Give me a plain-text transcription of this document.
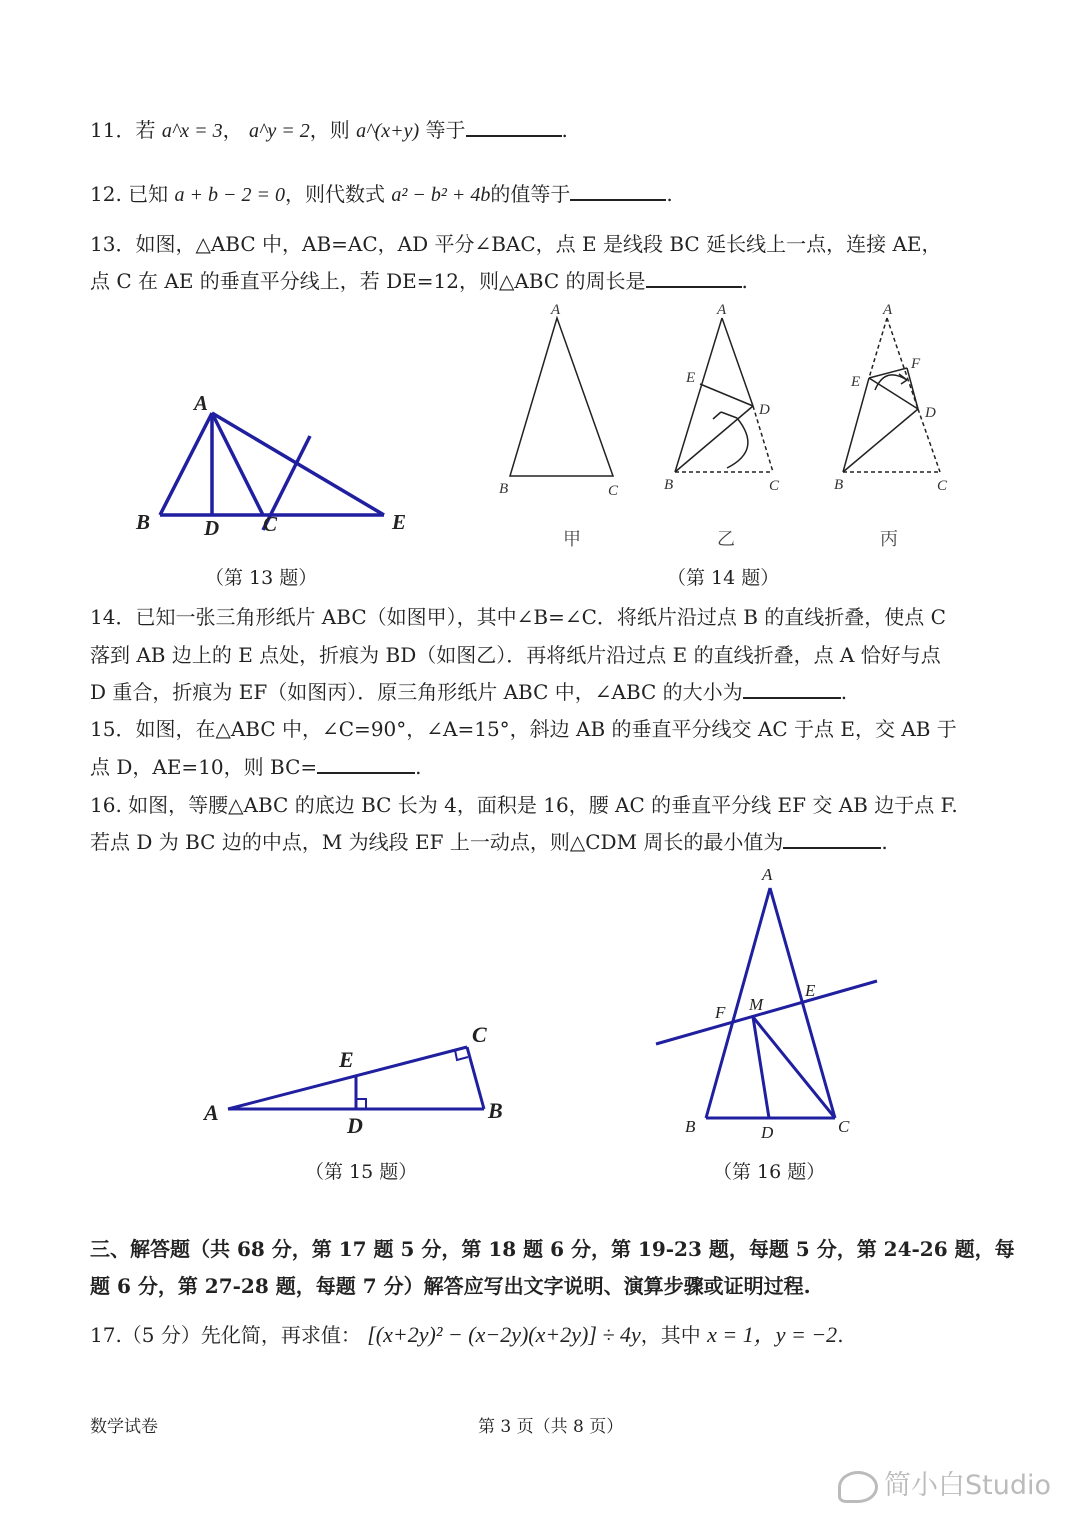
11．若 a^x = 3， a^y = 2，则 a^(x+y) 等于	.
12. 已知 a + b − 2 = 0，则代数式 a² − b² + 4b的值等于	.
13．如图，△ABC 中，AB=AC，AD 平分∠BAC，点 E 是线段 BC 延长线上一点，连接 AE，
点 C 在 AE 的垂直平分线上，若 DE=12，则△ABC 的周长是	.
A
B	C
D	E
（第 13 题）
A
B	C
A
B	C
D
E
A
B	C
D
E
F
甲	乙	丙
（第 14 题）
14．已知一张三角形纸片 ABC（如图甲），其中∠B=∠C．将纸片沿过点 B 的直线折叠，使点 C
落到 AB 边上的 E 点处，折痕为 BD（如图乙）．再将纸片沿过点 E 的直线折叠，点 A 恰好与点
D 重合，折痕为 EF（如图丙）．原三角形纸片 ABC 中，∠ABC 的大小为	.
15．如图，在△ABC 中，∠C=90°，∠A=15°，斜边 AB 的垂直平分线交 AC 于点 E，交 AB 于
点 D，AE=10，则 BC=	.
16. 如图，等腰△ABC 的底边 BC 长为 4，面积是 16，腰 AC 的垂直平分线 EF 交 AB 边于点 F.
若点 D 为 BC 边的中点，M 为线段 EF 上一动点，则△CDM 周长的最小值为	.
A	B
C
D
E
（第 15 题）
A
B	C
D
E
F M
（第 16 题）
三、解答题（共 68 分，第 17 题 5 分，第 18 题 6 分，第 19-23 题，每题 5 分，第 24-26 题，每
题 6 分，第 27-28 题，每题 7 分）解答应写出文字说明、演算步骤或证明过程.
17.（5 分）先化简，再求值： [(x+2y)² − (x−2y)(x+2y)] ÷ 4y，其中 x = 1，y = −2.
数学试卷	第 3 页（共 8 页）
简小白Studio
